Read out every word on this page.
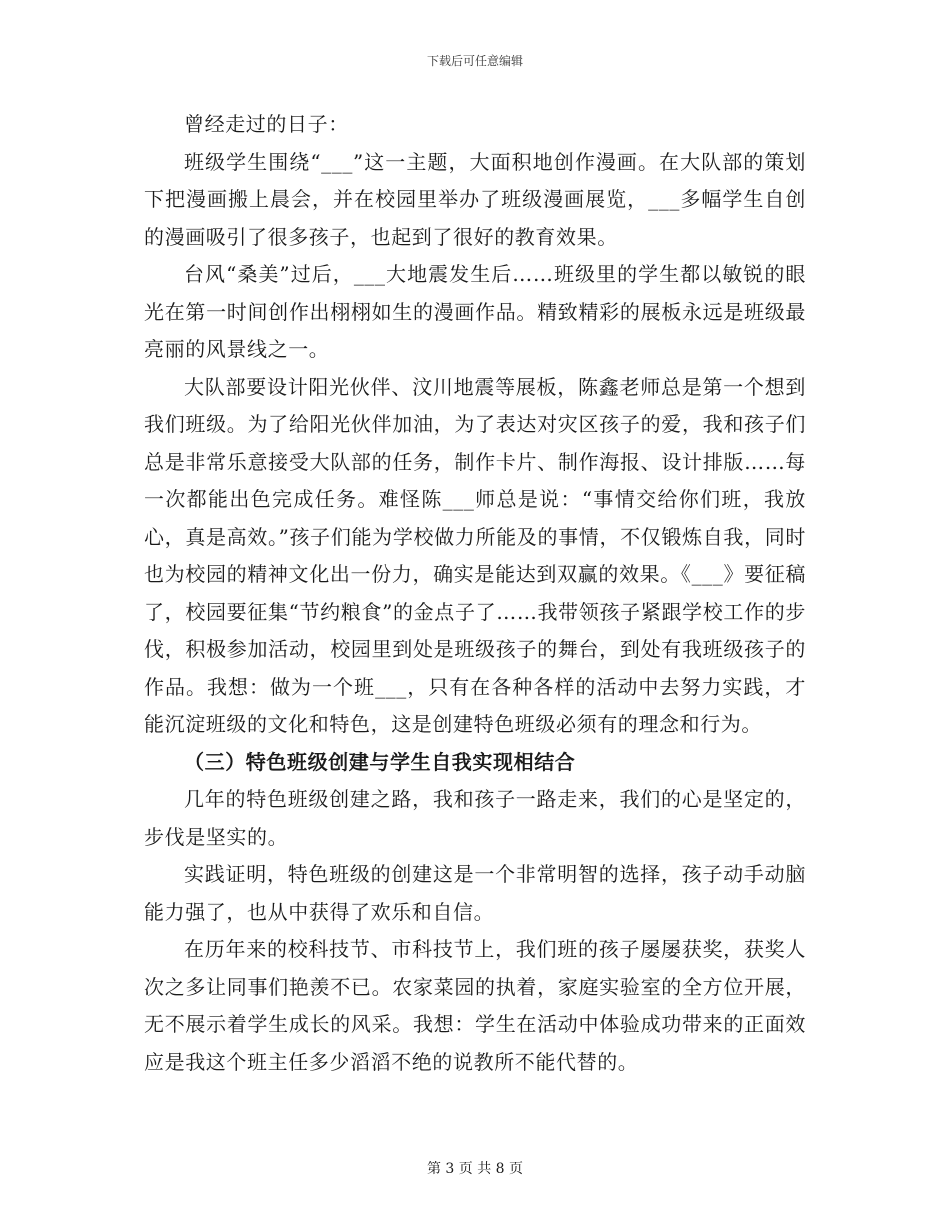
下载后可任意编辑

曾经走过的日子：

班级学生围绕“___”这一主题，大面积地创作漫画。在大队部的策划下把漫画搬上晨会，并在校园里举办了班级漫画展览，___多幅学生自创的漫画吸引了很多孩子，也起到了很好的教育效果。

台风“桑美”过后，___大地震发生后……班级里的学生都以敏锐的眼光在第一时间创作出栩栩如生的漫画作品。精致精彩的展板永远是班级最亮丽的风景线之一。

大队部要设计阳光伙伴、汶川地震等展板，陈鑫老师总是第一个想到我们班级。为了给阳光伙伴加油，为了表达对灾区孩子的爱，我和孩子们总是非常乐意接受大队部的任务，制作卡片、制作海报、设计排版……每一次都能出色完成任务。难怪陈___师总是说：“事情交给你们班，我放心，真是高效。”孩子们能为学校做力所能及的事情，不仅锻炼自我，同时也为校园的精神文化出一份力，确实是能达到双赢的效果。《___》要征稿了，校园要征集“节约粮食”的金点子了……我带领孩子紧跟学校工作的步伐，积极参加活动，校园里到处是班级孩子的舞台，到处有我班级孩子的作品。我想：做为一个班___，只有在各种各样的活动中去努力实践，才能沉淀班级的文化和特色，这是创建特色班级必须有的理念和行为。

（三）特色班级创建与学生自我实现相结合

几年的特色班级创建之路，我和孩子一路走来，我们的心是坚定的，步伐是坚实的。

实践证明，特色班级的创建这是一个非常明智的选择，孩子动手动脑能力强了，也从中获得了欢乐和自信。

在历年来的校科技节、市科技节上，我们班的孩子屡屡获奖，获奖人次之多让同事们艳羡不已。农家菜园的执着，家庭实验室的全方位开展，无不展示着学生成长的风采。我想：学生在活动中体验成功带来的正面效应是我这个班主任多少滔滔不绝的说教所不能代替的。

第 3 页 共 8 页
